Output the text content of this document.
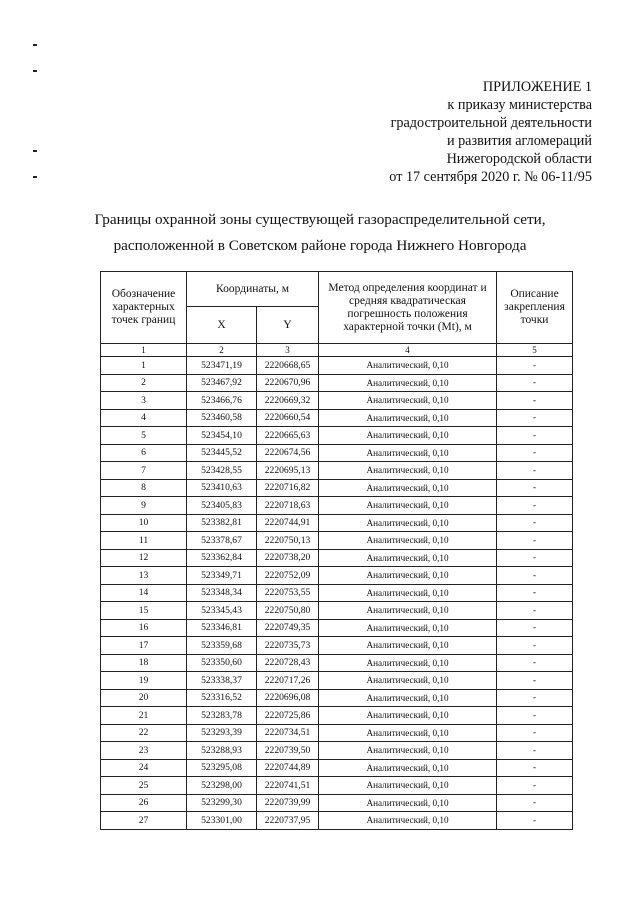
ПРИЛОЖЕНИЕ 1
к приказу министерства
градостроительной деятельности
и развития агломераций
Нижегородской области
от 17 сентября 2020 г. № 06-11/95
Границы охранной зоны существующей газораспределительной сети,
расположенной в Советском районе города Нижнего Новгорода
Обозначение характерных точек границ	Координаты, м		Метод определения координат и средняя квадратическая погрешность положения характерной точки (Mt), м	Описание закрепления точки
	X	Y		
1	2	3	4	5
1	523471,19	2220668,65	Аналитический, 0,10	-
2	523467,92	2220670,96	Аналитический, 0,10	-
3	523466,76	2220669,32	Аналитический, 0,10	-
4	523460,58	2220660,54	Аналитический, 0,10	-
5	523454,10	2220665,63	Аналитический, 0,10	-
6	523445,52	2220674,56	Аналитический, 0,10	-
7	523428,55	2220695,13	Аналитический, 0,10	-
8	523410,63	2220716,82	Аналитический, 0,10	-
9	523405,83	2220718,63	Аналитический, 0,10	-
10	523382,81	2220744,91	Аналитический, 0,10	-
11	523378,67	2220750,13	Аналитический, 0,10	-
12	523362,84	2220738,20	Аналитический, 0,10	-
13	523349,71	2220752,09	Аналитический, 0,10	-
14	523348,34	2220753,55	Аналитический, 0,10	-
15	523345,43	2220750,80	Аналитический, 0,10	-
16	523346,81	2220749,35	Аналитический, 0,10	-
17	523359,68	2220735,73	Аналитический, 0,10	-
18	523350,60	2220728,43	Аналитический, 0,10	-
19	523338,37	2220717,26	Аналитический, 0,10	-
20	523316,52	2220696,08	Аналитический, 0,10	-
21	523283,78	2220725,86	Аналитический, 0,10	-
22	523293,39	2220734,51	Аналитический, 0,10	-
23	523288,93	2220739,50	Аналитический, 0,10	-
24	523295,08	2220744,89	Аналитический, 0,10	-
25	523298,00	2220741,51	Аналитический, 0,10	-
26	523299,30	2220739,99	Аналитический, 0,10	-
27	523301,00	2220737,95	Аналитический, 0,10	-
